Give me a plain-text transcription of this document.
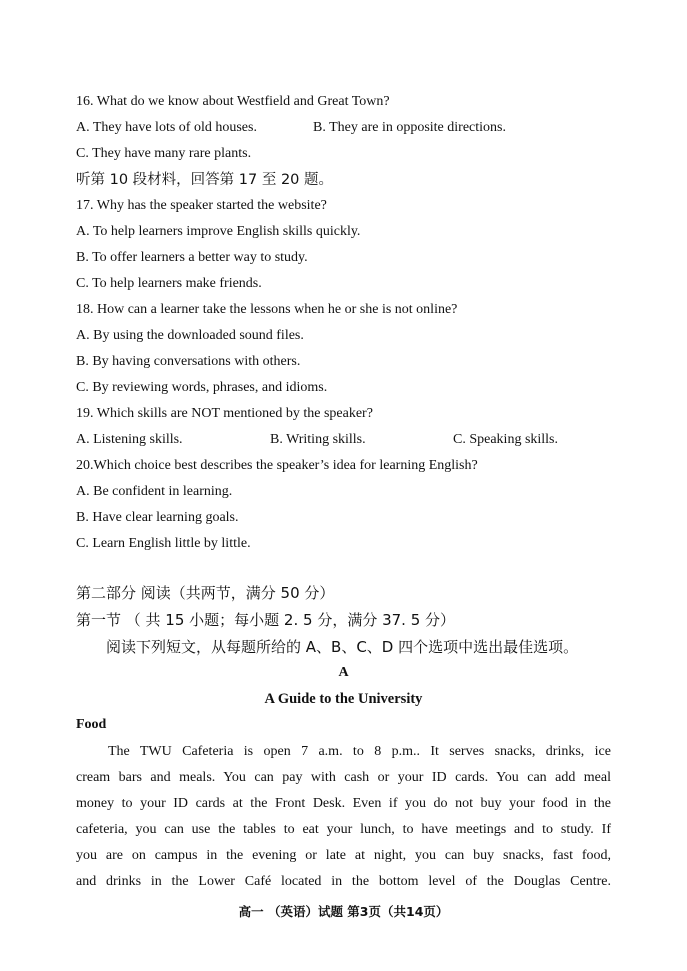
16. What do we know about Westfield and Great Town?
A. They have lots of old houses.	B. They are in opposite directions.
C. They have many rare plants.
听第 10 段材料，回答第 17 至 20 题。
17. Why has the speaker started the website?
A. To help learners improve English skills quickly.
B. To offer learners a better way to study.
C. To help learners make friends.
18. How can a learner take the lessons when he or she is not online?
A. By using the downloaded sound files.
B. By having conversations with others.
C. By reviewing words, phrases, and idioms.
19. Which skills are NOT mentioned by the speaker?
A. Listening skills.	B. Writing skills.	C. Speaking skills.
20.Which choice best describes the speaker’s idea for learning English?
A. Be confident in learning.
B. Have clear learning goals.
C. Learn English little by little.
第二部分 阅读（共两节，满分 50 分）
第一节 （ 共 15 小题；每小题 2. 5 分，满分 37. 5 分）
阅读下列短文，从每题所给的 A、B、C、D 四个选项中选出最佳选项。
A
A Guide to the University
Food
The TWU Cafeteria is open 7 a.m. to 8 p.m.. It serves snacks, drinks, ice
cream bars and meals. You can pay with cash or your ID cards. You can add meal
money to your ID cards at the Front Desk. Even if you do not buy your food in the
cafeteria, you can use the tables to eat your lunch, to have meetings and to study. If
you are on campus in the evening or late at night, you can buy snacks, fast food,
and drinks in the Lower Café located in the bottom level of the Douglas Centre.
高一 （英语）试题 第3页（共14页）
